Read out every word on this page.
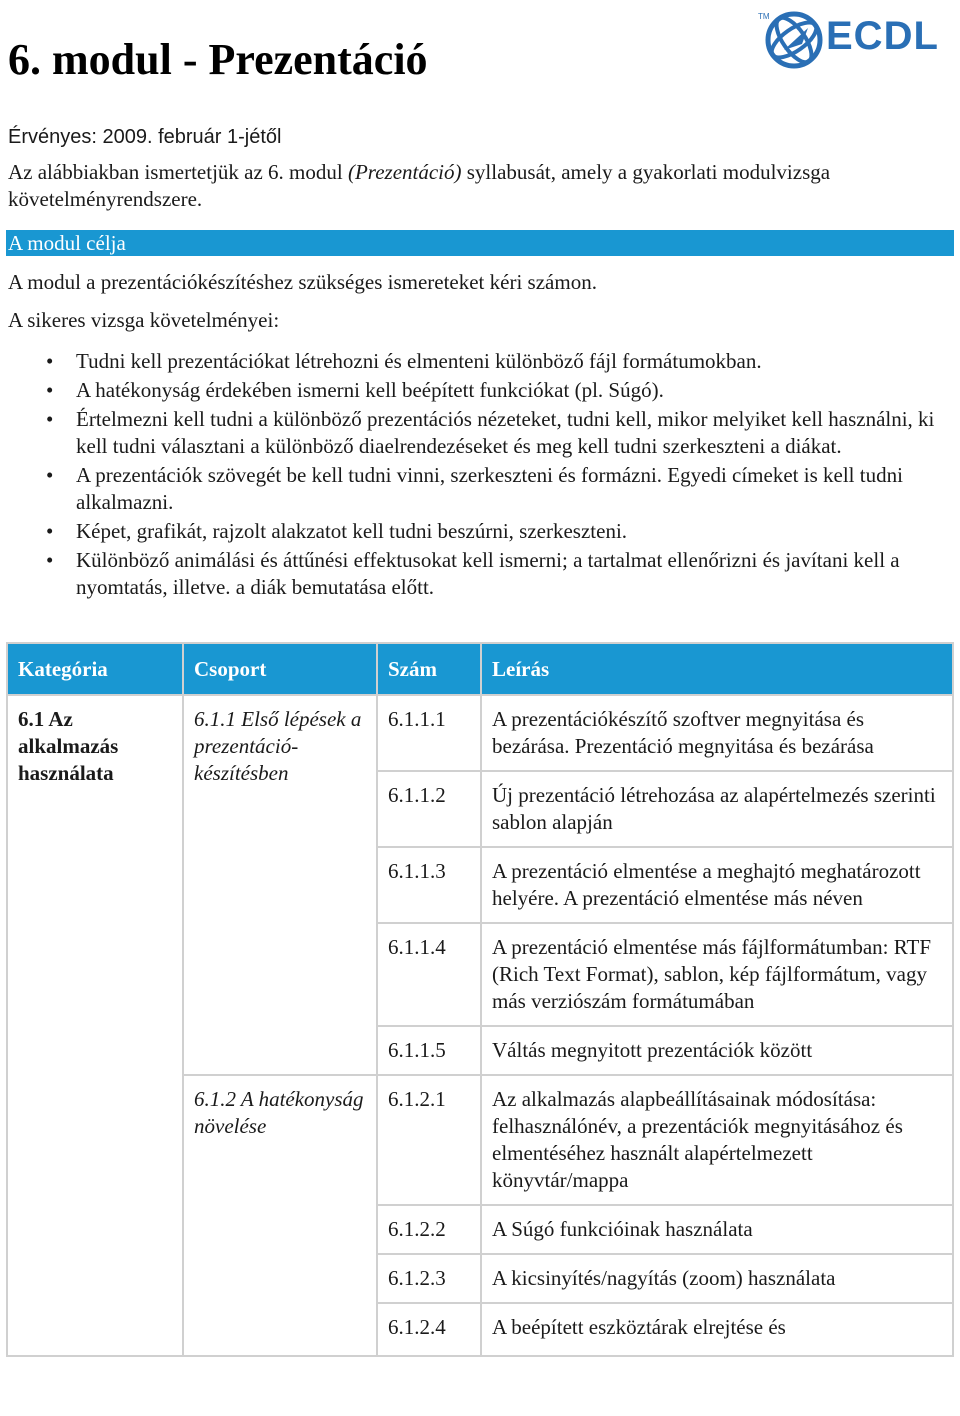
6. modul - Prezentáció
TM ECDL

Érvényes: 2009. február 1-jétől

Az alábbiakban ismertetjük az 6. modul (Prezentáció) syllabusát, amely a gyakorlati modulvizsga követelményrendszere.

A modul célja
A modul a prezentációkészítéshez szükséges ismereteket kéri számon.
A sikeres vizsga követelményei:
• Tudni kell prezentációkat létrehozni és elmenteni különböző fájl formátumokban.
• A hatékonyság érdekében ismerni kell beépített funkciókat (pl. Súgó).
• Értelmezni kell tudni a különböző prezentációs nézeteket, tudni kell, mikor melyiket kell használni, ki kell tudni választani a különböző diaelrendezéseket és meg kell tudni szerkeszteni a diákat.
• A prezentációk szövegét be kell tudni vinni, szerkeszteni és formázni. Egyedi címeket is kell tudni alkalmazni.
• Képet, grafikát, rajzolt alakzatot kell tudni beszúrni, szerkeszteni.
• Különböző animálási és áttűnési effektusokat kell ismerni; a tartalmat ellenőrizni és javítani kell a nyomtatás, illetve. a diák bemutatása előtt.
Kategória	Csoport	Szám	Leírás
6.1 Az alkalmazás használata	6.1.1 Első lépések a prezentáció-készítésben	6.1.1.1	A prezentációkészítő szoftver megnyitása és bezárása. Prezentáció megnyitása és bezárása
		6.1.1.2	Új prezentáció létrehozása az alapértelmezés szerinti sablon alapján
		6.1.1.3	A prezentáció elmentése a meghajtó meghatározott helyére. A prezentáció elmentése más néven
		6.1.1.4	A prezentáció elmentése más fájlformátumban: RTF (Rich Text Format), sablon, kép fájlformátum, vagy más verziószám formátumában
		6.1.1.5	Váltás megnyitott prezentációk között
	6.1.2 A hatékonyság növelése	6.1.2.1	Az alkalmazás alapbeállításainak módosítása: felhasználónév, a prezentációk megnyitásához és elmentéséhez használt alapértelmezett könyvtár/mappa
		6.1.2.2	A Súgó funkcióinak használata
		6.1.2.3	A kicsinyítés/nagyítás (zoom) használata
		6.1.2.4	A beépített eszköztárak elrejtése és
